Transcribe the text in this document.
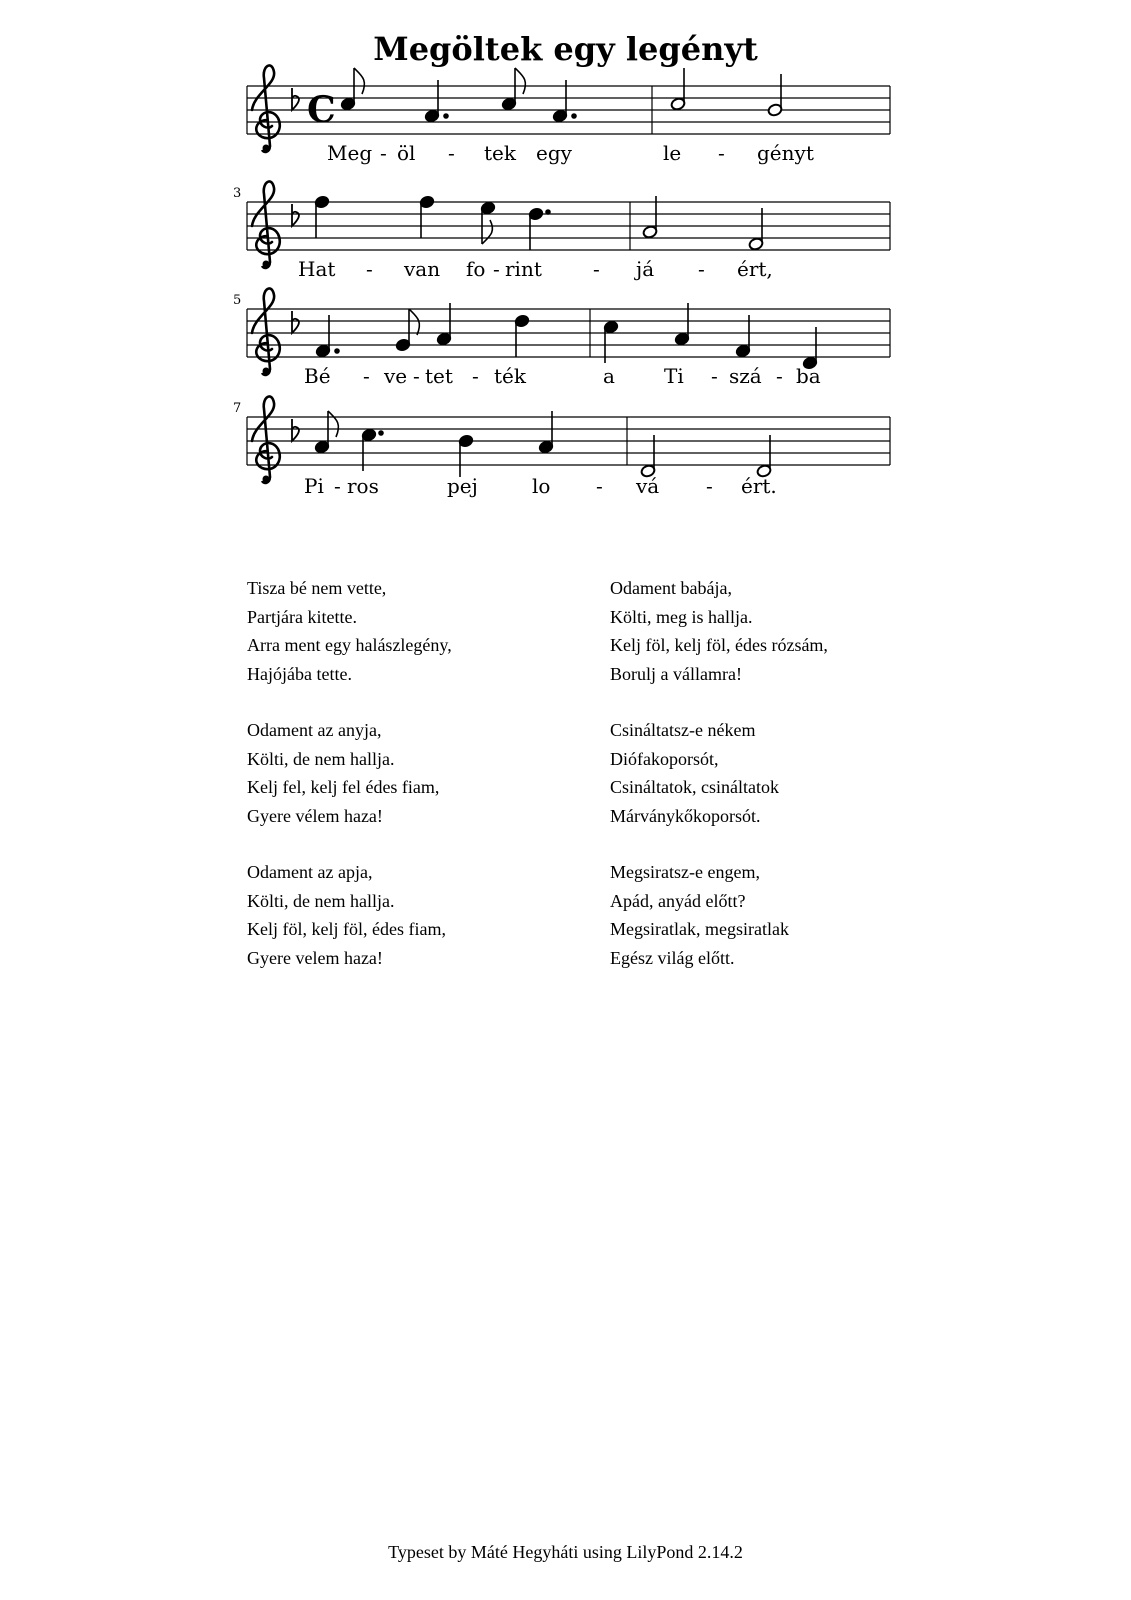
Megöltek egy legényt
C
Meg - öl - tek egy	le - gényt
3
Hat - van fo - rint	- já - ért,
5
Bé - ve - tet - ték	a Ti - szá - ba
7
Pi - ros	pej	lo - vá - ért.
Tisza bé nem vette,
Partjára kitette.
Arra ment egy halászlegény,
Hajójába tette.
Odament az anyja,
Költi, de nem hallja.
Kelj fel, kelj fel édes fiam,
Gyere vélem haza!
Odament az apja,
Költi, de nem hallja.
Kelj föl, kelj föl, édes fiam,
Gyere velem haza!
Odament babája,
Költi, meg is hallja.
Kelj föl, kelj föl, édes rózsám,
Borulj a vállamra!
Csináltatsz-e nékem
Diófakoporsót,
Csináltatok, csináltatok
Márványkőkoporsót.
Megsiratsz-e engem,
Apád, anyád előtt?
Megsiratlak, megsiratlak
Egész világ előtt.
Typeset by Máté Hegyháti using LilyPond 2.14.2
